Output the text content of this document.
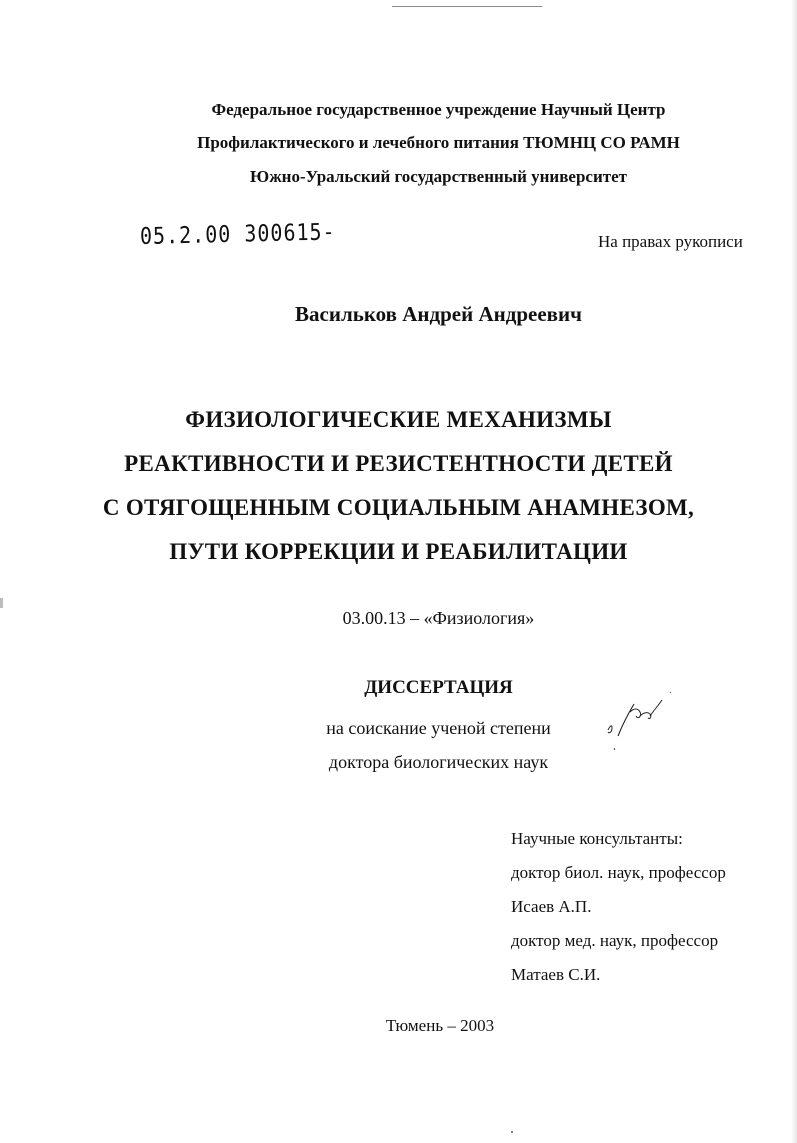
Федеральное государственное учреждение Научный Центр
Профилактического и лечебного питания ТЮМНЦ СО РАМН
Южно-Уральский государственный университет
05.2.00 300615-	На правах рукописи
Васильков Андрей Андреевич
ФИЗИОЛОГИЧЕСКИЕ МЕХАНИЗМЫ
РЕАКТИВНОСТИ И РЕЗИСТЕНТНОСТИ ДЕТЕЙ
С ОТЯГОЩЕННЫМ СОЦИАЛЬНЫМ АНАМНЕЗОМ,
ПУТИ КОРРЕКЦИИ И РЕАБИЛИТАЦИИ
03.00.13 – «Физиология»
ДИССЕРТАЦИЯ
на соискание ученой степени
доктора биологических наук
Научные консультанты:
доктор биол. наук, профессор
Исаев А.П.
доктор мед. наук, профессор
Матаев С.И.
Тюмень – 2003
